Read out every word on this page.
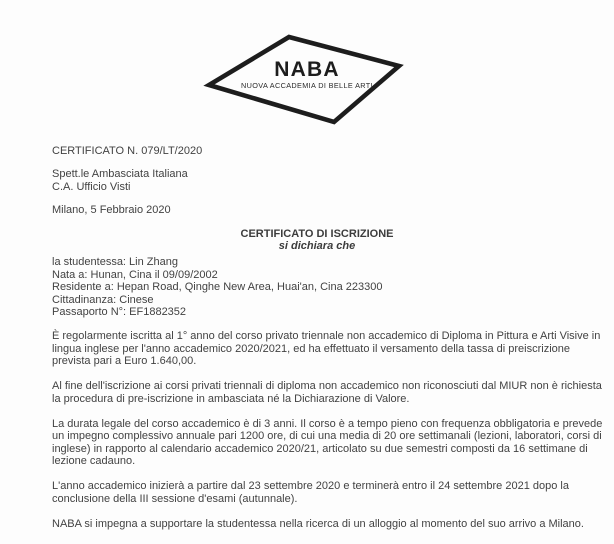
NABA
NUOVA ACCADEMIA DI BELLE ARTI
CERTIFICATO N. 079/LT/2020
Spett.le Ambasciata Italiana
C.A. Ufficio Visti
Milano, 5 Febbraio 2020
CERTIFICATO DI ISCRIZIONE
si dichiara che
la studentessa: Lin Zhang
Nata a: Hunan, Cina il 09/09/2002
Residente a: Hepan Road, Qinghe New Area, Huai'an, Cina 223300
Cittadinanza: Cinese
Passaporto N°: EF1882352

È regolarmente iscritta al 1° anno del corso privato triennale non accademico di Diploma in Pittura e Arti Visive in lingua inglese per l'anno accademico 2020/2021, ed ha effettuato il versamento della tassa di preiscrizione prevista pari a Euro 1.640,00.

Al fine dell'iscrizione ai corsi privati triennali di diploma non accademico non riconosciuti dal MIUR non è richiesta la procedura di pre-iscrizione in ambasciata né la Dichiarazione di Valore.

La durata legale del corso accademico è di 3 anni. Il corso è a tempo pieno con frequenza obbligatoria e prevede un impegno complessivo annuale pari 1200 ore, di cui una media di 20 ore settimanali (lezioni, laboratori, corsi di inglese) in rapporto al calendario accademico 2020/21, articolato su due semestri composti da 16 settimane di lezione cadauno.

L'anno accademico inizierà a partire dal 23 settembre 2020 e terminerà entro il 24 settembre 2021 dopo la conclusione della III sessione d'esami (autunnale).

NABA si impegna a supportare la studentessa nella ricerca di un alloggio al momento del suo arrivo a Milano.
